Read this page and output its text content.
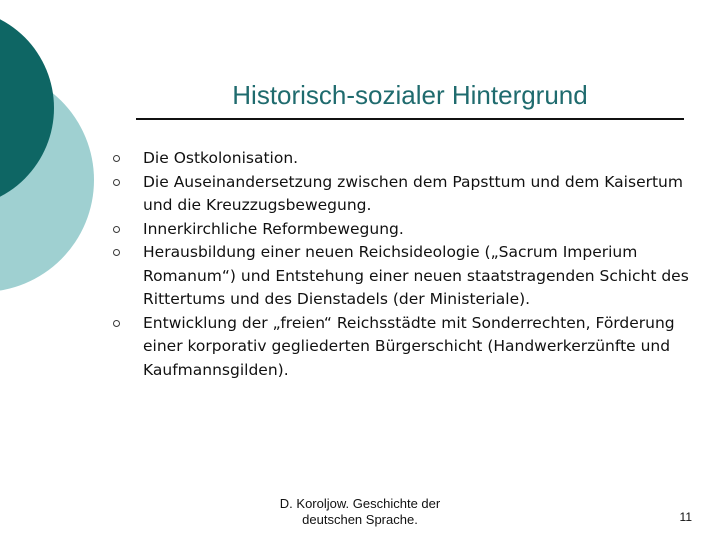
Historisch-sozialer Hintergrund
Die Ostkolonisation.
Die Auseinandersetzung zwischen dem Papsttum und dem Kaisertum und die Kreuzzugsbewegung.
Innerkirchliche Reformbewegung.
Herausbildung einer neuen Reichsideologie („Sacrum Imperium Romanum“) und Entstehung einer neuen staatstragenden Schicht des Rittertums und des Dienstadels (der Ministeriale).
Entwicklung der „freien“ Reichsstädte mit Sonderrechten, Förderung einer korporativ gegliederten Bürgerschicht (Handwerkerzünfte und Kaufmannsgilden).
D. Koroljow. Geschichte der
deutschen Sprache.	11
